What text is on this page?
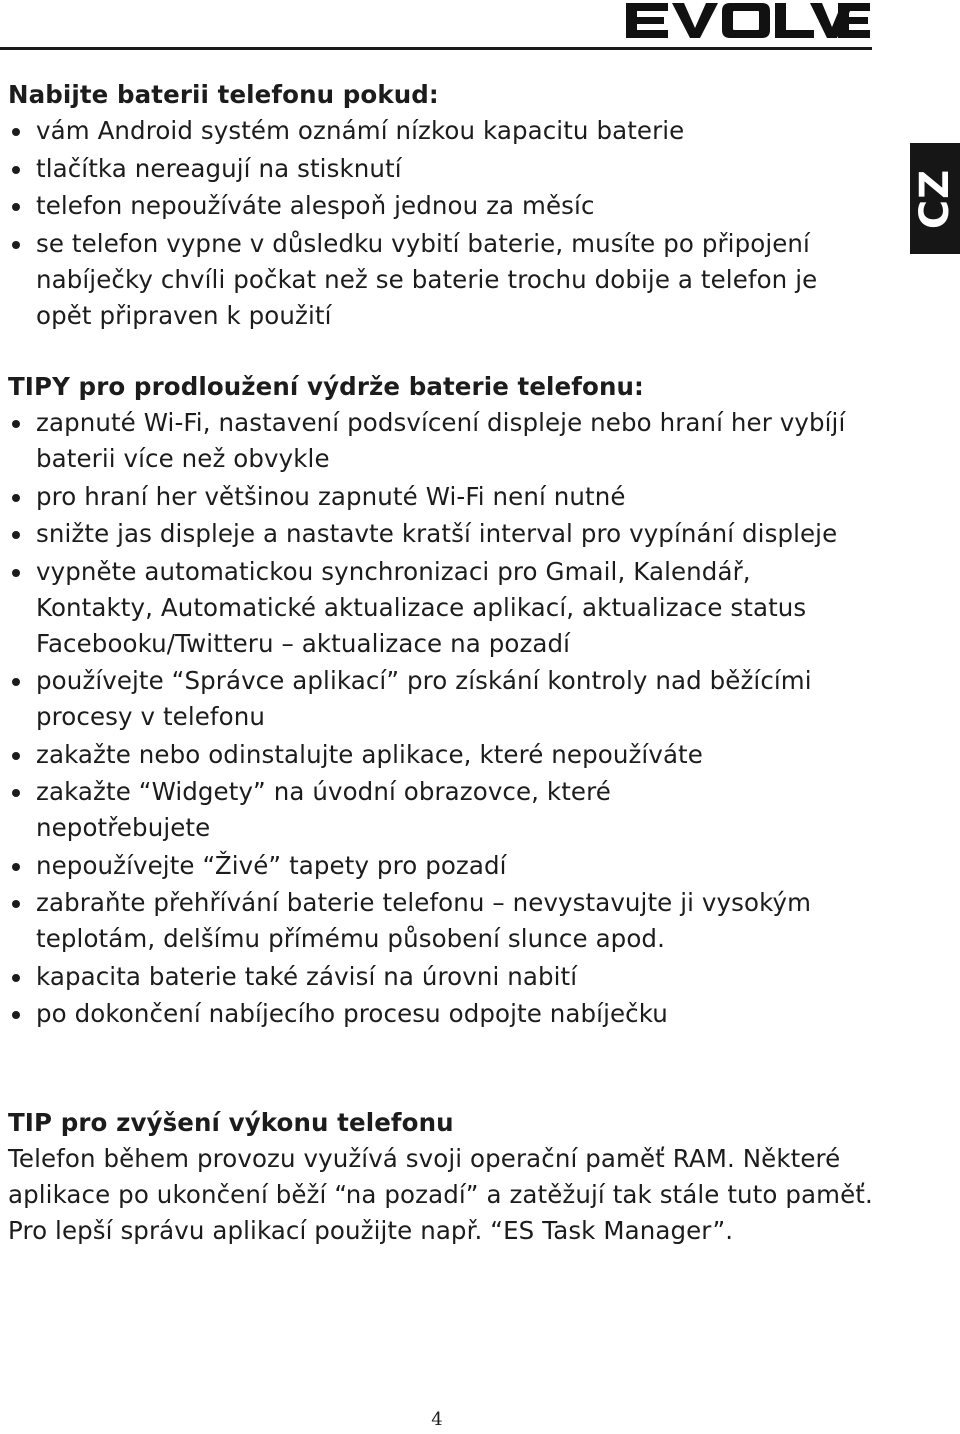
CZ

Nabijte baterii telefonu pokud:

vám Android systém oznámí nízkou kapacitu baterie
tlačítka nereagují na stisknutí
telefon nepoužíváte alespoň jednou za měsíc
se telefon vypne v důsledku vybití baterie, musíte po připojení nabíječky chvíli počkat než se baterie trochu dobije a telefon je opět připraven k použití

TIPY pro prodloužení výdrže baterie telefonu:

zapnuté Wi-Fi, nastavení podsvícení displeje nebo hraní her vybíjí baterii více než obvykle
pro hraní her většinou zapnuté Wi-Fi není nutné
snižte jas displeje a nastavte kratší interval pro vypínání displeje
vypněte automatickou synchronizaci pro Gmail, Kalendář, Kontakty, Automatické aktualizace aplikací, aktualizace status Facebooku/Twitteru – aktualizace na pozadí
používejte “Správce aplikací” pro získání kontroly nad běžícími procesy v telefonu
zakažte nebo odinstalujte aplikace, které nepoužíváte
zakažte “Widgety” na úvodní obrazovce, které nepotřebujete
nepoužívejte “Živé” tapety pro pozadí
zabraňte přehřívání baterie telefonu – nevystavujte ji vysokým teplotám, delšímu přímému působení slunce apod.
kapacita baterie také závisí na úrovni nabití
po dokončení nabíjecího procesu odpojte nabíječku

TIP pro zvýšení výkonu telefonu

Telefon během provozu využívá svoji operační paměť RAM. Některé aplikace po ukončení běží “na pozadí” a zatěžují tak stále tuto paměť. Pro lepší správu aplikací použijte např. “ES Task Manager”.

4
